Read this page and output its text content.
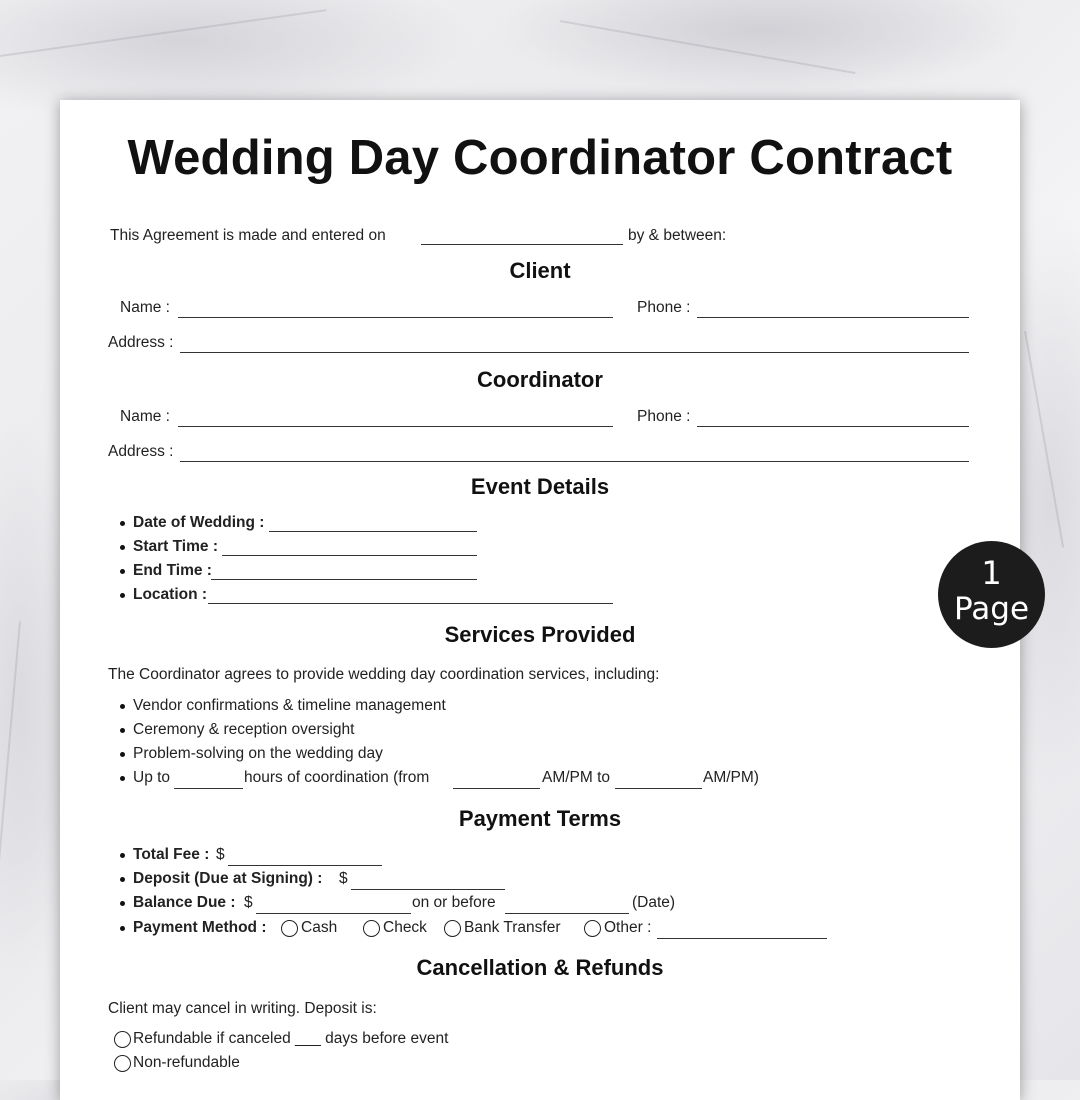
Wedding Day Coordinator Contract
This Agreement is made and entered on	by & between:
Client
Name :	Phone :
Address :
Coordinator
Name :	Phone :
Address :
Event Details
Date of Wedding :
Start Time :
End Time :
Location :
Services Provided
The Coordinator agrees to provide wedding day coordination services, including:
Vendor confirmations & timeline management
Ceremony & reception oversight
Problem-solving on the wedding day
Up to	hours of coordination (from	AM/PM to	AM/PM)
Payment Terms
Total Fee : $
Deposit (Due at Signing) : $
Balance Due : $	on or before	(Date)
Payment Method : Cash	Check Bank Transfer	Other :
Cancellation & Refunds
Client may cancel in writing. Deposit is:
Refundable if canceled ___ days before event
Non-refundable
1
Page
